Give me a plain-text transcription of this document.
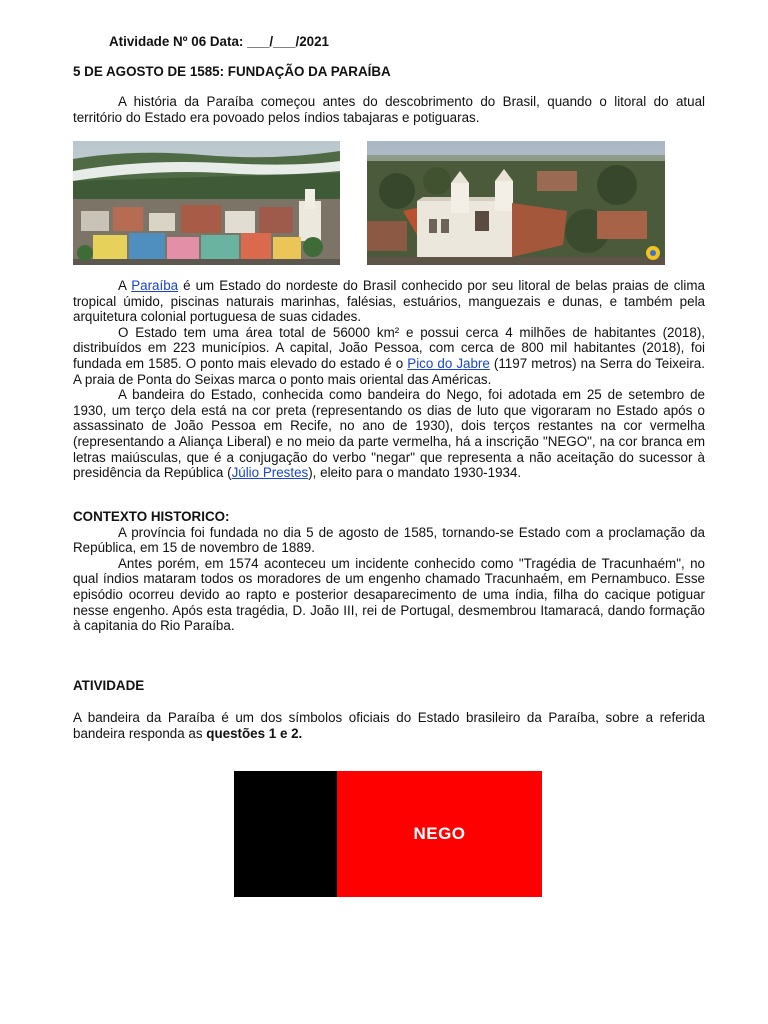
Atividade Nº 06 Data: ___/___/2021
5 DE AGOSTO DE 1585: FUNDAÇÃO DA PARAÍBA

A história da Paraíba começou antes do descobrimento do Brasil, quando o litoral do atual território do Estado era povoado pelos índios tabajaras e potiguaras.

A Paraíba é um Estado do nordeste do Brasil conhecido por seu litoral de belas praias de clima tropical úmido, piscinas naturais marinhas, falésias, estuários, manguezais e dunas, e também pela arquitetura colonial portuguesa de suas cidades.

O Estado tem uma área total de 56000 km² e possui cerca 4 milhões de habitantes (2018), distribuídos em 223 municípios. A capital, João Pessoa, com cerca de 800 mil habitantes (2018), foi fundada em 1585. O ponto mais elevado do estado é o Pico do Jabre (1197 metros) na Serra do Teixeira. A praia de Ponta do Seixas marca o ponto mais oriental das Américas.

A bandeira do Estado, conhecida como bandeira do Nego, foi adotada em 25 de setembro de 1930, um terço dela está na cor preta (representando os dias de luto que vigoraram no Estado após o assassinato de João Pessoa em Recife, no ano de 1930), dois terços restantes na cor vermelha (representando a Aliança Liberal) e no meio da parte vermelha, há a inscrição "NEGO", na cor branca em letras maiúsculas, que é a conjugação do verbo "negar" que representa a não aceitação do sucessor à presidência da República (Júlio Prestes), eleito para o mandato 1930-1934.

CONTEXTO HISTORICO:

A província foi fundada no dia 5 de agosto de 1585, tornando-se Estado com a proclamação da República, em 15 de novembro de 1889.

Antes porém, em 1574 aconteceu um incidente conhecido como "Tragédia de Tracunhaém", no qual índios mataram todos os moradores de um engenho chamado Tracunhaém, em Pernambuco. Esse episódio ocorreu devido ao rapto e posterior desaparecimento de uma índia, filha do cacique potiguar nesse engenho. Após esta tragédia, D. João III, rei de Portugal, desmembrou Itamaracá, dando formação à capitania do Rio Paraíba.

ATIVIDADE

A bandeira da Paraíba é um dos símbolos oficiais do Estado brasileiro da Paraíba, sobre a referida bandeira responda as questões 1 e 2.

NEGO
